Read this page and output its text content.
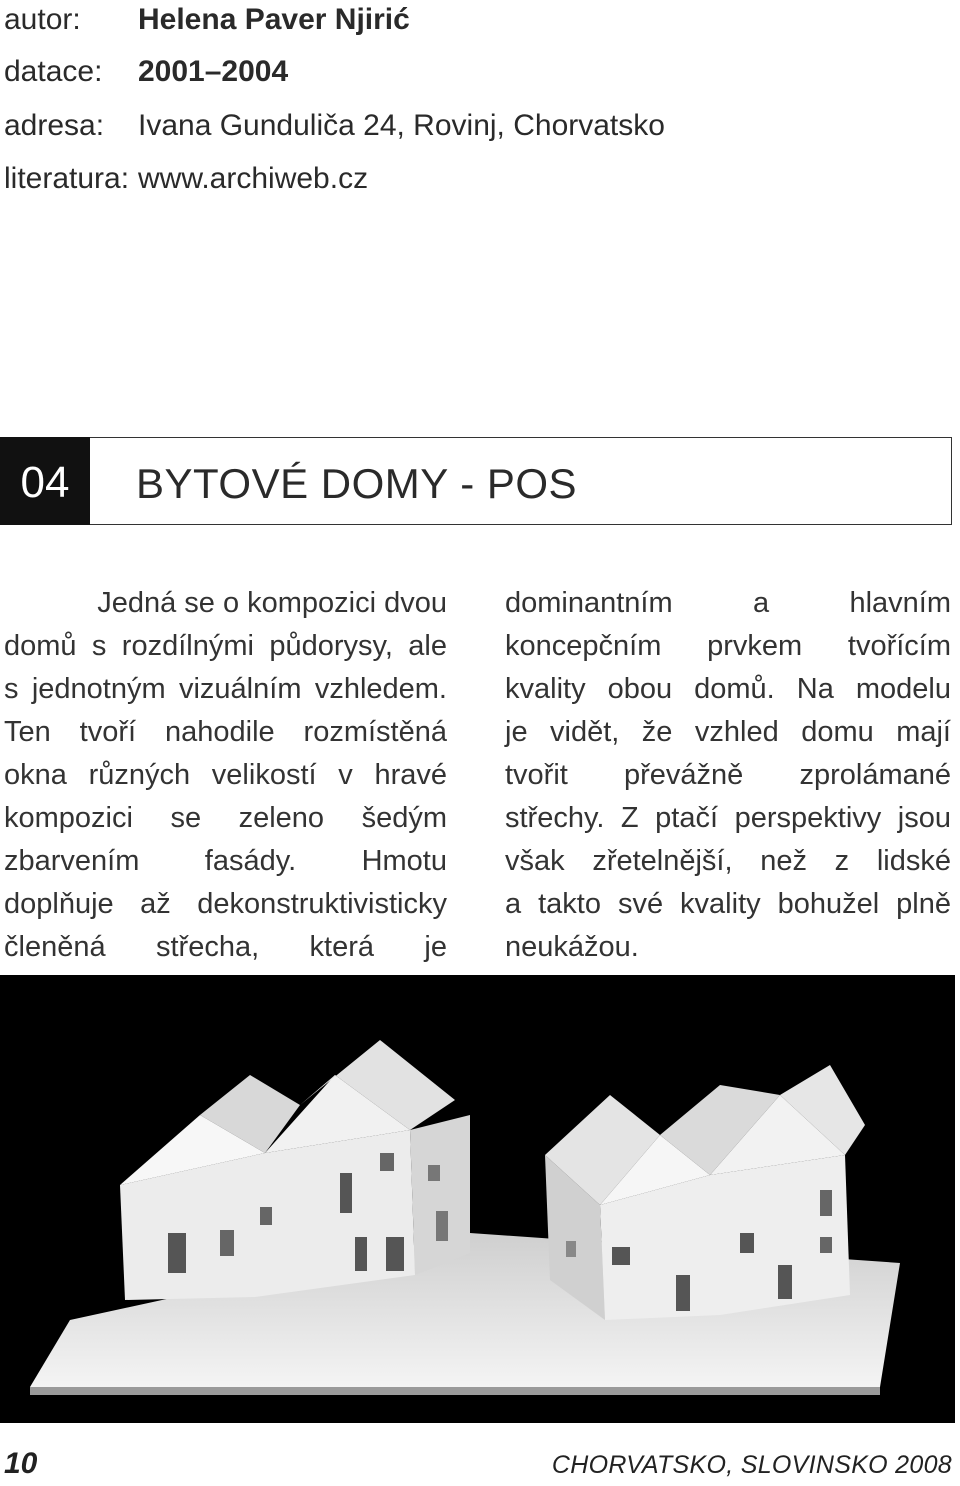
autor: Helena Paver Njirić
datace: 2001–2004
adresa: Ivana Gunduliča 24, Rovinj, Chorvatsko
literatura: www.archiweb.cz
04	BYTOVÉ DOMY - POS
Jedná se o kompozici dvou
domů s rozdílnými půdorysy, ale
s jednotným vizuálním vzhledem.
Ten tvoří nahodile rozmístěná
okna různých velikostí v hravé
kompozici se zeleno šedým
zbarvením fasády. Hmotu
doplňuje až dekonstruktivisticky
členěná střecha, která je
dominantním a hlavním
koncepčním prvkem tvořícím
kvality obou domů. Na modelu
je vidět, že vzhled domu mají
tvořit převážně zprolámané
střechy. Z ptačí perspektivy jsou
však zřetelnější, než z lidské
a takto své kvality bohužel plně
neukážou.
10	CHORVATSKO, SLOVINSKO 2008
